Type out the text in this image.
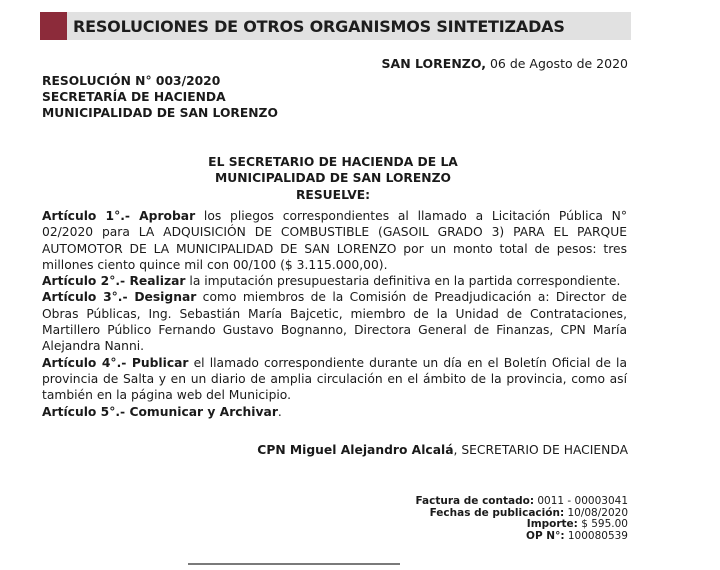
RESOLUCIONES DE OTROS ORGANISMOS SINTETIZADAS
SAN LORENZO, 06 de Agosto de 2020
RESOLUCIÓN N° 003/2020
SECRETARÍA DE HACIENDA
MUNICIPALIDAD DE SAN LORENZO
EL SECRETARIO DE HACIENDA DE LA
MUNICIPALIDAD DE SAN LORENZO
RESUELVE:

Artículo 1°.- Aprobar los pliegos correspondientes al llamado a Licitación Pública N° 02/2020 para LA ADQUISICIÓN DE COMBUSTIBLE (GASOIL GRADO 3) PARA EL PARQUE AUTOMOTOR DE LA MUNICIPALIDAD DE SAN LORENZO por un monto total de pesos: tres millones ciento quince mil con 00/100 ($ 3.115.000,00).

Artículo 2°.- Realizar la imputación presupuestaria definitiva en la partida correspondiente.

Artículo 3°.- Designar como miembros de la Comisión de Preadjudicación a: Director de Obras Públicas, Ing. Sebastián María Bajcetic, miembro de la Unidad de Contrataciones, Martillero Público Fernando Gustavo Bognanno, Directora General de Finanzas, CPN María Alejandra Nanni.

Artículo 4°.- Publicar el llamado correspondiente durante un día en el Boletín Oficial de la provincia de Salta y en un diario de amplia circulación en el ámbito de la provincia, como así también en la página web del Municipio.

Artículo 5°.- Comunicar y Archivar.

CPN Miguel Alejandro Alcalá, SECRETARIO DE HACIENDA
Factura de contado: 0011 - 00003041
Fechas de publicación: 10/08/2020
Importe: $ 595.00
OP N°: 100080539
